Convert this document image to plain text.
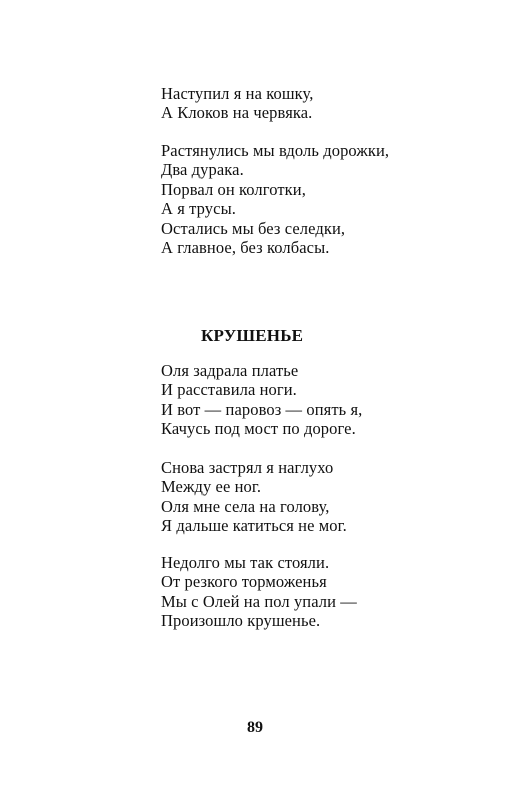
Наступил я на кошку,
А Клоков на червяка.
Растянулись мы вдоль дорожки,
Два дурака.
Порвал он колготки,
А я трусы.
Остались мы без селедки,
А главное, без колбасы.
КРУШЕНЬЕ
Оля задрала платье
И расставила ноги.
И вот — паровоз — опять я,
Качусь под мост по дороге.
Снова застрял я наглухо
Между ее ног.
Оля мне села на голову,
Я дальше катиться не мог.
Недолго мы так стояли.
От резкого торможенья
Мы с Олей на пол упали —
Произошло крушенье.
89
